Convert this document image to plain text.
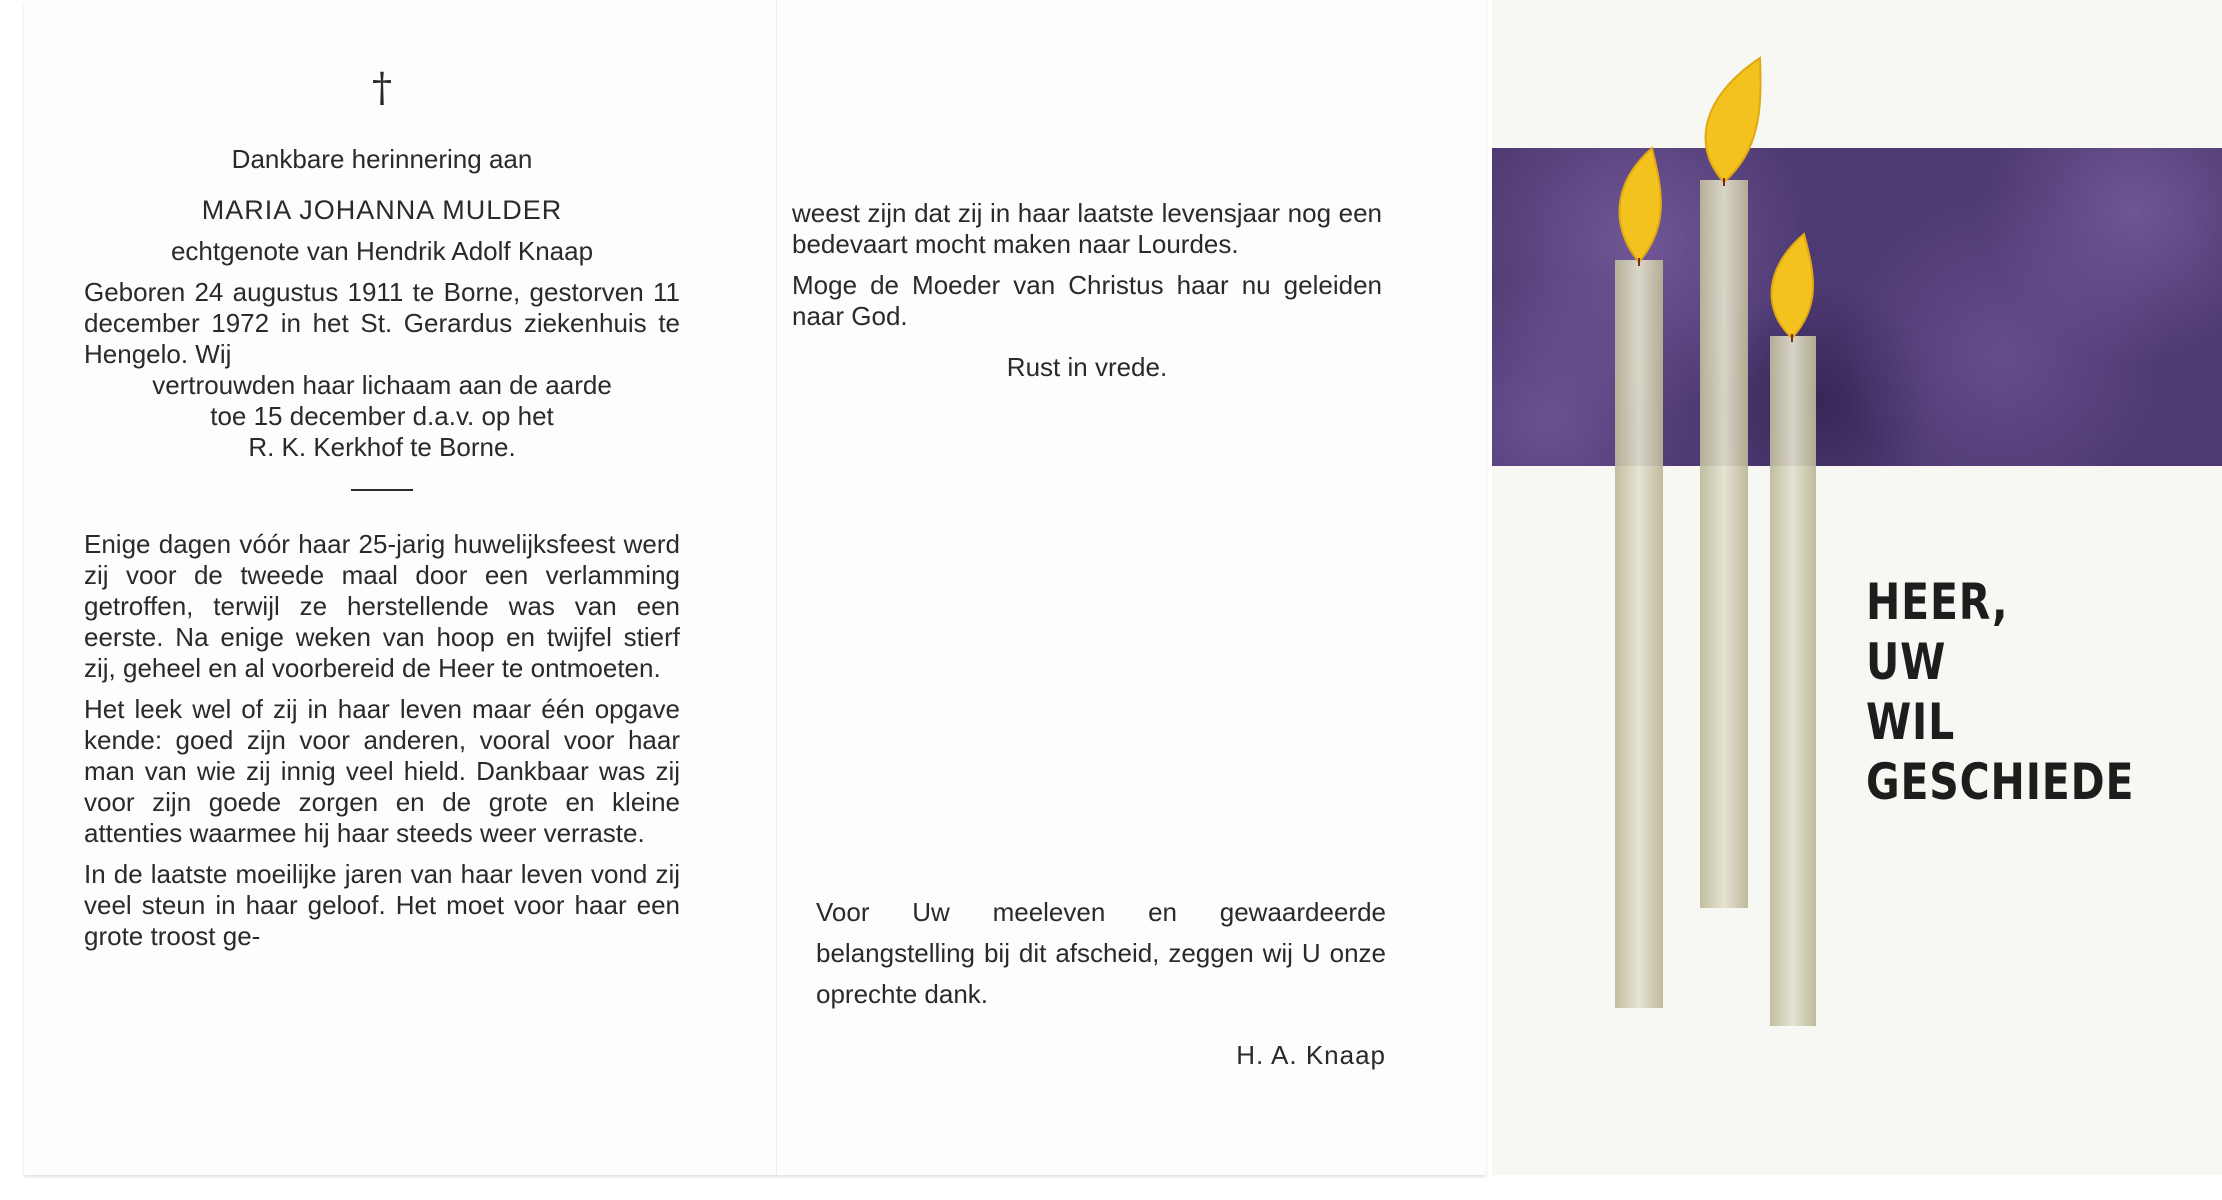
†
Dankbare herinnering aan
MARIA JOHANNA MULDER
echtgenote van Hendrik Adolf Knaap
Geboren 24 augustus 1911 te Borne, gestorven 11 december 1972 in het St. Gerardus ziekenhuis te Hengelo. Wij
vertrouwden haar lichaam aan de aarde
toe 15 december d.a.v. op het
R. K. Kerkhof te Borne.

Enige dagen vóór haar 25-jarig huwelijksfeest werd zij voor de tweede maal door een verlamming getroffen, terwijl ze herstellende was van een eerste. Na enige weken van hoop en twijfel stierf zij, geheel en al voorbereid de Heer te ontmoeten.

Het leek wel of zij in haar leven maar één opgave kende: goed zijn voor anderen, vooral voor haar man van wie zij innig veel hield. Dankbaar was zij voor zijn goede zorgen en de grote en kleine attenties waarmee hij haar steeds weer verraste.

In de laatste moeilijke jaren van haar leven vond zij veel steun in haar geloof. Het moet voor haar een grote troost ge-

weest zijn dat zij in haar laatste levensjaar nog een bedevaart mocht maken naar Lourdes.

Moge de Moeder van Christus haar nu geleiden naar God.

Rust in vrede.
Voor Uw meeleven en gewaardeerde belangstelling bij dit afscheid, zeggen wij U onze oprechte dank.
H. A. Knaap
HEER,
UW
WIL
GESCHIEDE
